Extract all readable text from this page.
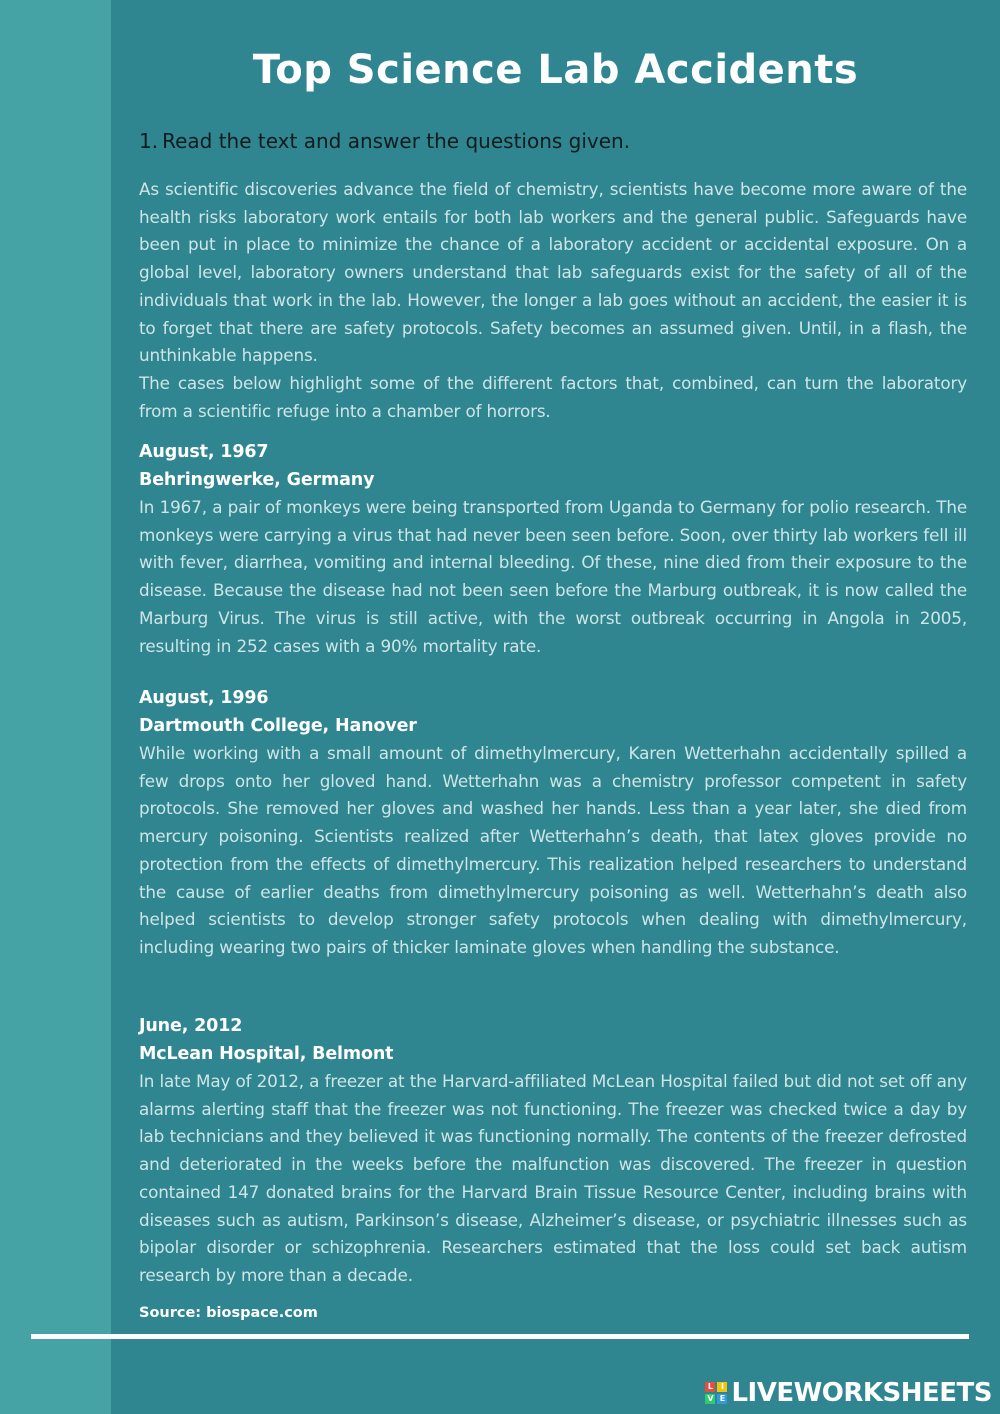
Top Science Lab Accidents
1. Read the text and answer the questions given.

As scientific discoveries advance the field of chemistry, scientists have become more aware of the health risks laboratory work entails for both lab workers and the general public. Safeguards have been put in place to minimize the chance of a laboratory accident or accidental exposure. On a global level, laboratory owners understand that lab safeguards exist for the safety of all of the individuals that work in the lab. However, the longer a lab goes without an accident, the easier it is to forget that there are safety protocols. Safety becomes an assumed given. Until, in a flash, the unthinkable happens.

The cases below highlight some of the different factors that, combined, can turn the laboratory from a scientific refuge into a chamber of horrors.

August, 1967
Behringwerke, Germany

In 1967, a pair of monkeys were being transported from Uganda to Germany for polio research. The monkeys were carrying a virus that had never been seen before. Soon, over thirty lab workers fell ill with fever, diarrhea, vomiting and internal bleeding. Of these, nine died from their exposure to the disease. Because the disease had not been seen before the Marburg outbreak, it is now called the Marburg Virus. The virus is still active, with the worst outbreak occurring in Angola in 2005, resulting in 252 cases with a 90% mortality rate.

August, 1996
Dartmouth College, Hanover

While working with a small amount of dimethylmercury, Karen Wetterhahn accidentally spilled a few drops onto her gloved hand. Wetterhahn was a chemistry professor competent in safety protocols. She removed her gloves and washed her hands. Less than a year later, she died from mercury poisoning. Scientists realized after Wetterhahn’s death, that latex gloves provide no protection from the effects of dimethylmercury. This realization helped researchers to understand the cause of earlier deaths from dimethylmercury poisoning as well. Wetterhahn’s death also helped scientists to develop stronger safety protocols when dealing with dimethylmercury, including wearing two pairs of thicker laminate gloves when handling the substance.

June, 2012
McLean Hospital, Belmont

In late May of 2012, a freezer at the Harvard-affiliated McLean Hospital failed but did not set off any alarms alerting staff that the freezer was not functioning. The freezer was checked twice a day by lab technicians and they believed it was functioning normally. The contents of the freezer defrosted and deteriorated in the weeks before the malfunction was discovered. The freezer in question contained 147 donated brains for the Harvard Brain Tissue Resource Center, including brains with diseases such as autism, Parkinson’s disease, Alzheimer’s disease, or psychiatric illnesses such as bipolar disorder or schizophrenia. Researchers estimated that the loss could set back autism research by more than a decade.

Source: biospace.com
L I
V E LIVEWORKSHEETS
